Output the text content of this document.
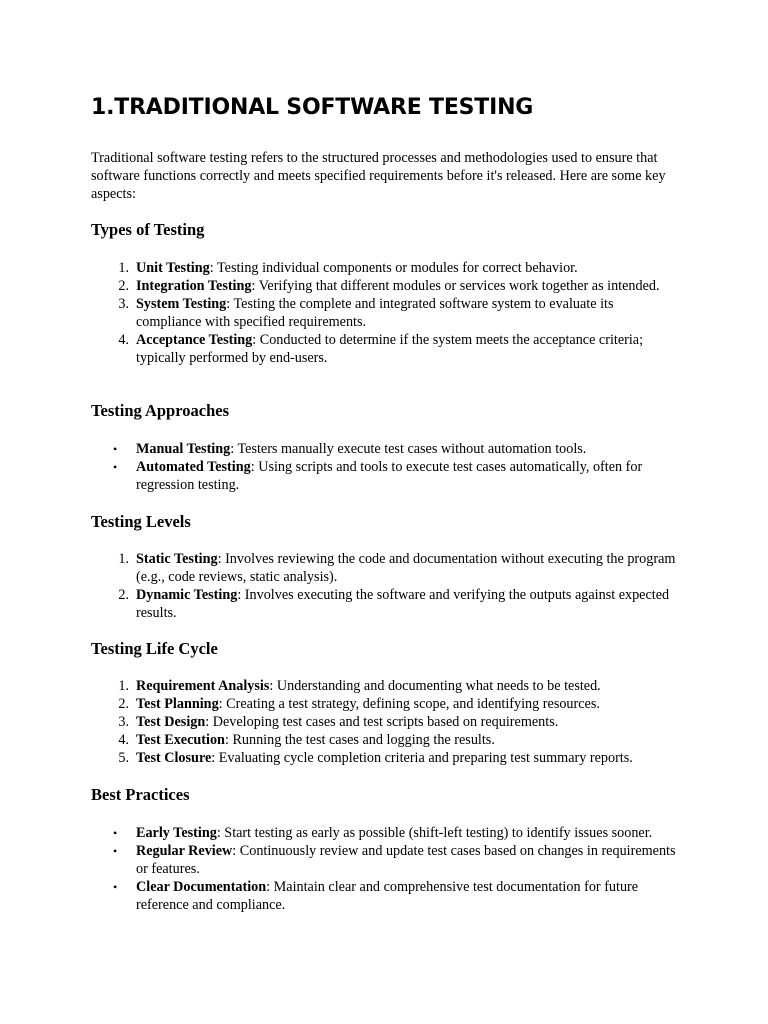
1.TRADITIONAL SOFTWARE TESTING

Traditional software testing refers to the structured processes and methodologies used to ensure that software functions correctly and meets specified requirements before it's released. Here are some key aspects:

Types of Testing
1. Unit Testing: Testing individual components or modules for correct behavior.
2. Integration Testing: Verifying that different modules or services work together as intended.
3. System Testing: Testing the complete and integrated software system to evaluate its compliance with specified requirements.
4. Acceptance Testing: Conducted to determine if the system meets the acceptance criteria; typically performed by end-users.
Testing Approaches
•	Manual Testing: Testers manually execute test cases without automation tools.
•	Automated Testing: Using scripts and tools to execute test cases automatically, often for regression testing.
Testing Levels
1. Static Testing: Involves reviewing the code and documentation without executing the program (e.g., code reviews, static analysis).
2. Dynamic Testing: Involves executing the software and verifying the outputs against expected results.
Testing Life Cycle
1. Requirement Analysis: Understanding and documenting what needs to be tested.
2. Test Planning: Creating a test strategy, defining scope, and identifying resources.
3. Test Design: Developing test cases and test scripts based on requirements.
4. Test Execution: Running the test cases and logging the results.
5. Test Closure: Evaluating cycle completion criteria and preparing test summary reports.
Best Practices
•	Early Testing: Start testing as early as possible (shift-left testing) to identify issues sooner.
•	Regular Review: Continuously review and update test cases based on changes in requirements or features.
•	Clear Documentation: Maintain clear and comprehensive test documentation for future reference and compliance.
